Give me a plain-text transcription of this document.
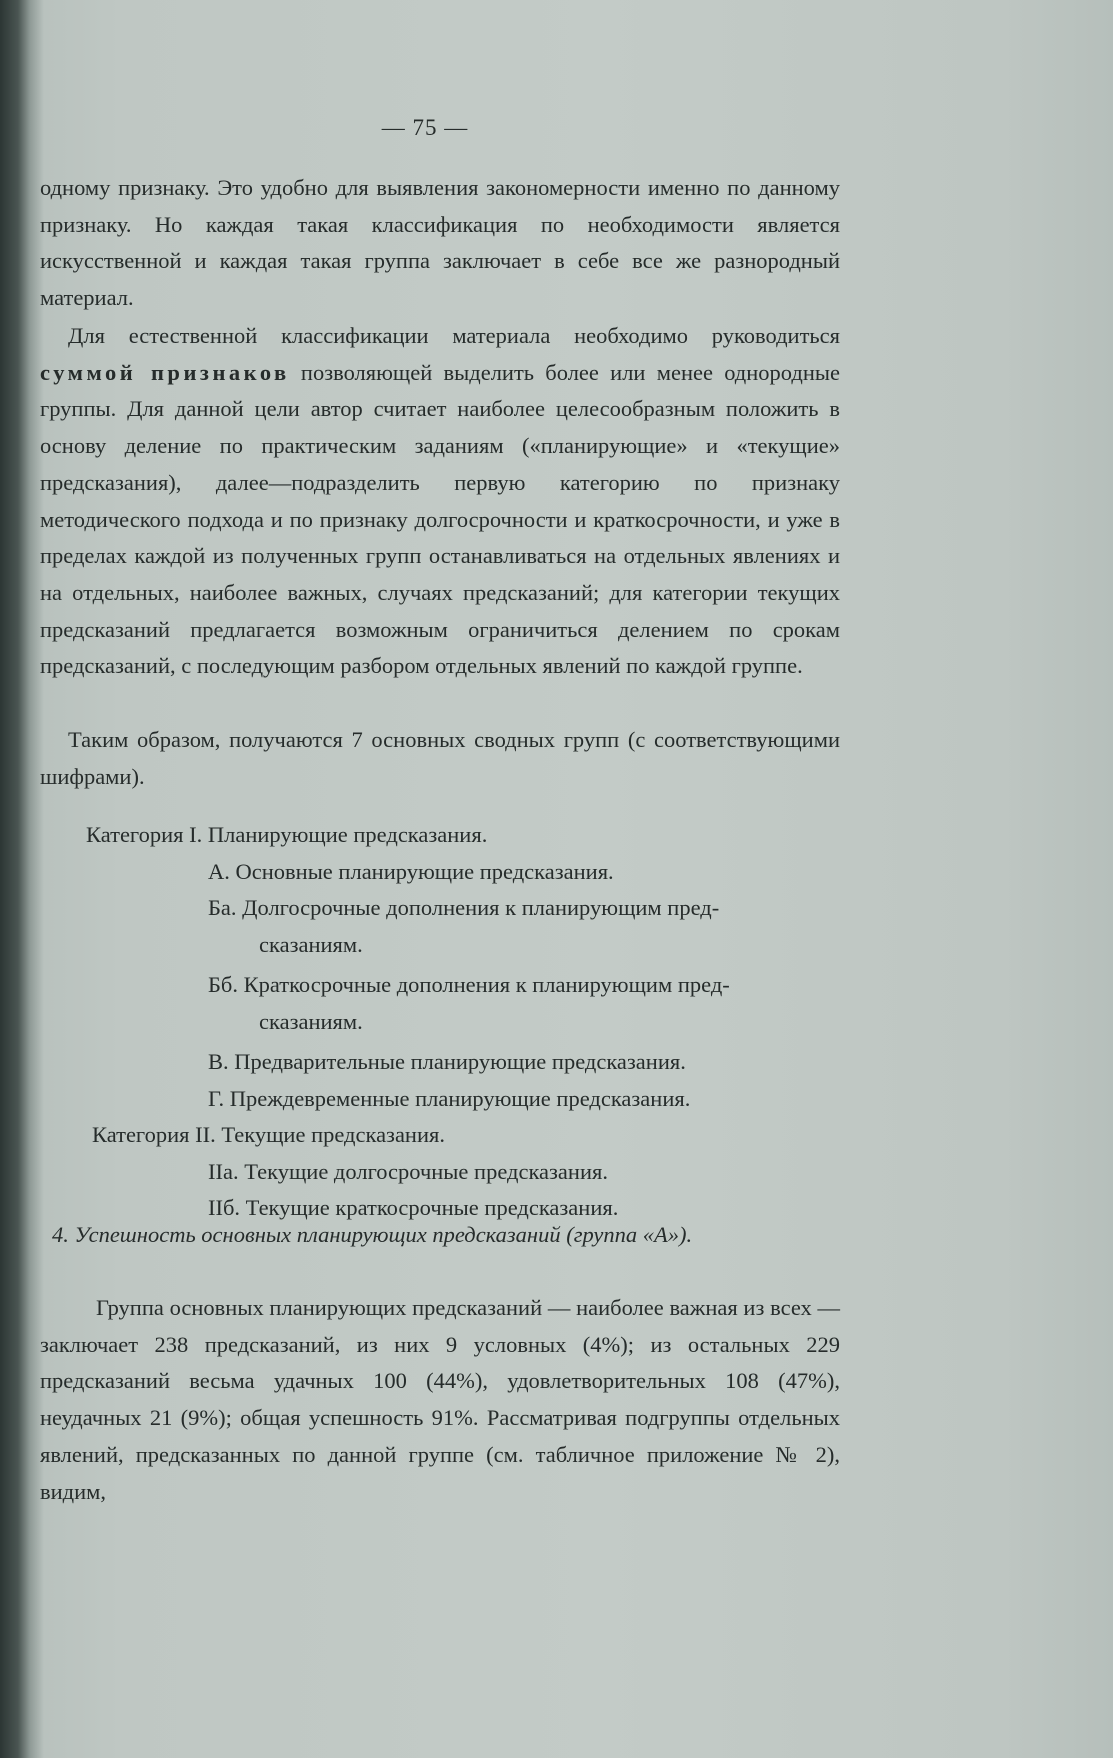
— 75 —

одному признаку. Это удобно для выявления закономерности именно по данному признаку. Но каждая такая классификация по необходимости является искусственной и каждая такая группа заключает в себе все же разнородный материал.

Для естественной классификации материала необходимо руководиться суммой признаков позволяющей выделить более или менее однородные группы. Для данной цели автор считает наиболее целесообразным положить в основу деление по практическим заданиям («планирующие» и «текущие» предсказания), далее—подразделить первую категорию по признаку методического подхода и по признаку долгосрочности и краткосрочности, и уже в пределах каждой из полученных групп останавливаться на отдельных явлениях и на отдельных, наиболее важных, случаях предсказаний; для категории текущих предсказаний предлагается возможным ограничиться делением по срокам предсказаний, с последующим разбором отдельных явлений по каждой группе.

Таким образом, получаются 7 основных сводных групп (с соответствующими шифрами).

Категория I. Планирующие предсказания.
А. Основные планирующие предсказания.
Ба. Долгосрочные дополнения к планирующим пред-
сказаниям.
Бб. Краткосрочные дополнения к планирующим пред-
сказаниям.
В. Предварительные планирующие предсказания.
Г. Преждевременные планирующие предсказания.
Категория II. Текущие предсказания.
IIа. Текущие долгосрочные предсказания.
IIб. Текущие краткосрочные предсказания.

4. Успешность основных планирующих предсказаний (группа «А»).

Группа основных планирующих предсказаний — наиболее важная из всех — заключает 238 предсказаний, из них 9 условных (4%); из остальных 229 предсказаний весьма удачных 100 (44%), удовлетворительных 108 (47%), неудачных 21 (9%); общая успешность 91%. Рассматривая подгруппы отдельных явлений, предсказанных по данной группе (см. табличное приложение № 2), видим,
